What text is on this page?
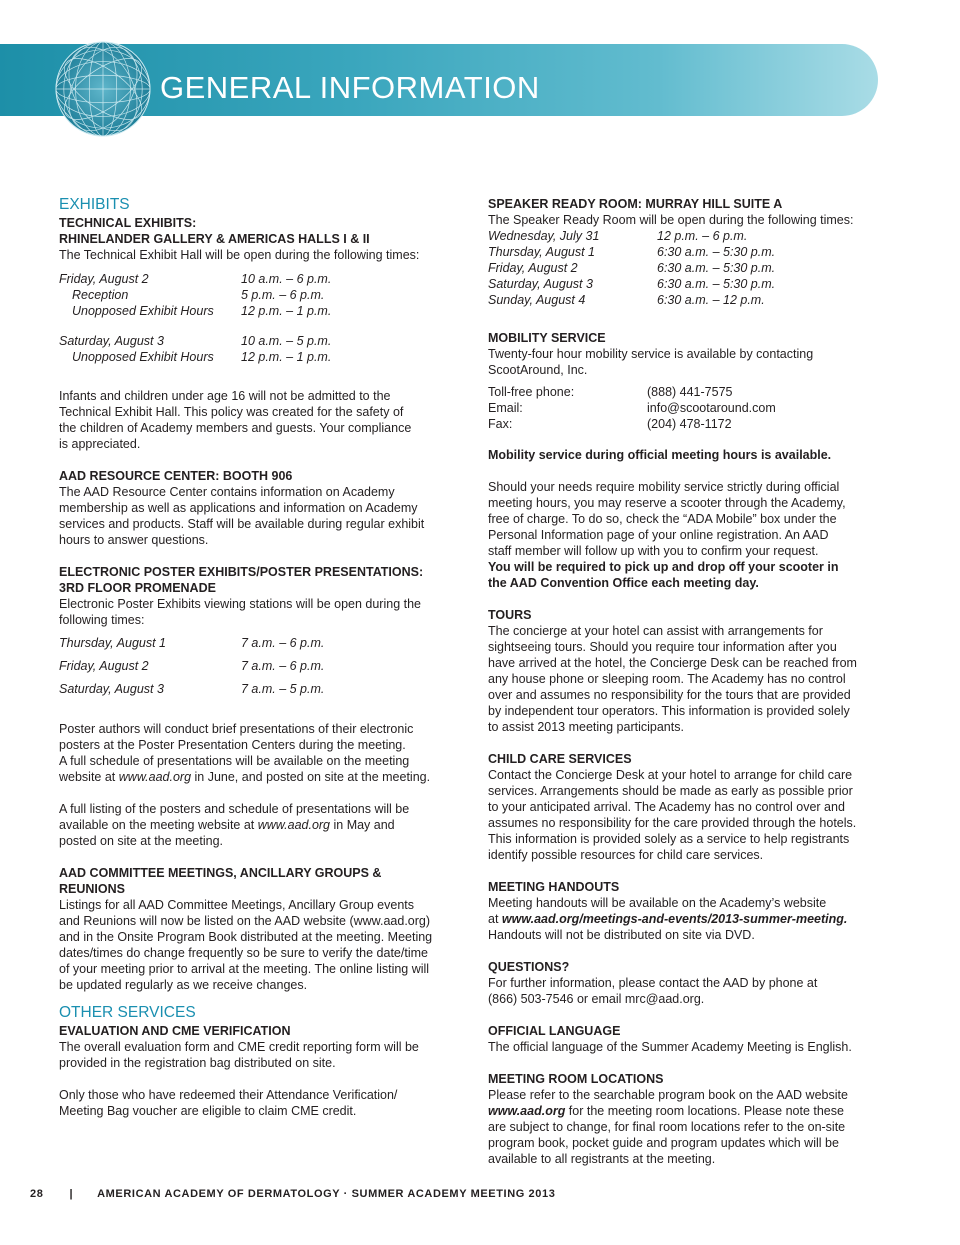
GENERAL INFORMATION
EXHIBITS
TECHNICAL EXHIBITS:
RHINELANDER GALLERY & AMERICAS HALLS I & II
The Technical Exhibit Hall will be open during the following times:
Friday, August 2	10 a.m. – 6 p.m.
Reception	5 p.m. – 6 p.m.
Unopposed Exhibit Hours	12 p.m. – 1 p.m.
Saturday, August 3	10 a.m. – 5 p.m.
Unopposed Exhibit Hours	12 p.m. – 1 p.m.
Infants and children under age 16 will not be admitted to the
Technical Exhibit Hall. This policy was created for the safety of
the children of Academy members and guests. Your compliance
is appreciated.
AAD RESOURCE CENTER: BOOTH 906
The AAD Resource Center contains information on Academy
membership as well as applications and information on Academy
services and products. Staff will be available during regular exhibit
hours to answer questions.
ELECTRONIC POSTER EXHIBITS/POSTER PRESENTATIONS:
3RD FLOOR PROMENADE
Electronic Poster Exhibits viewing stations will be open during the
following times:
Thursday, August 1	7 a.m. – 6 p.m.
Friday, August 2	7 a.m. – 6 p.m.
Saturday, August 3	7 a.m. – 5 p.m.
Poster authors will conduct brief presentations of their electronic
posters at the Poster Presentation Centers during the meeting.
A full schedule of presentations will be available on the meeting
website at www.aad.org in June, and posted on site at the meeting.
A full listing of the posters and schedule of presentations will be
available on the meeting website at www.aad.org in May and
posted on site at the meeting.
AAD COMMITTEE MEETINGS, ANCILLARY GROUPS &
REUNIONS
Listings for all AAD Committee Meetings, Ancillary Group events
and Reunions will now be listed on the AAD website (www.aad.org)
and in the Onsite Program Book distributed at the meeting. Meeting
dates/times do change frequently so be sure to verify the date/time
of your meeting prior to arrival at the meeting. The online listing will
be updated regularly as we receive changes.
OTHER SERVICES
EVALUATION AND CME VERIFICATION
The overall evaluation form and CME credit reporting form will be
provided in the registration bag distributed on site.
Only those who have redeemed their Attendance Verification/
Meeting Bag voucher are eligible to claim CME credit.
SPEAKER READY ROOM: MURRAY HILL SUITE A
The Speaker Ready Room will be open during the following times:
Wednesday, July 31	12 p.m. – 6 p.m.
Thursday, August 1	6:30 a.m. – 5:30 p.m.
Friday, August 2	6:30 a.m. – 5:30 p.m.
Saturday, August 3	6:30 a.m. – 5:30 p.m.
Sunday, August 4	6:30 a.m. – 12 p.m.
MOBILITY SERVICE
Twenty-four hour mobility service is available by contacting
ScootAround, Inc.
Toll-free phone:	(888) 441-7575
Email:	info@scootaround.com
Fax:	(204) 478-1172
Mobility service during official meeting hours is available.
Should your needs require mobility service strictly during official
meeting hours, you may reserve a scooter through the Academy,
free of charge. To do so, check the “ADA Mobile” box under the
Personal Information page of your online registration. An AAD
staff member will follow up with you to confirm your request.
You will be required to pick up and drop off your scooter in
the AAD Convention Office each meeting day.
TOURS
The concierge at your hotel can assist with arrangements for
sightseeing tours. Should you require tour information after you
have arrived at the hotel, the Concierge Desk can be reached from
any house phone or sleeping room. The Academy has no control
over and assumes no responsibility for the tours that are provided
by independent tour operators. This information is provided solely
to assist 2013 meeting participants.
CHILD CARE SERVICES
Contact the Concierge Desk at your hotel to arrange for child care
services. Arrangements should be made as early as possible prior
to your anticipated arrival. The Academy has no control over and
assumes no responsibility for the care provided through the hotels.
This information is provided solely as a service to help registrants
identify possible resources for child care services.
MEETING HANDOUTS
Meeting handouts will be available on the Academy’s website
at www.aad.org/meetings-and-events/2013-summer-meeting.
Handouts will not be distributed on site via DVD.
QUESTIONS?
For further information, please contact the AAD by phone at
(866) 503-7546 or email mrc@aad.org.
OFFICIAL LANGUAGE
The official language of the Summer Academy Meeting is English.
MEETING ROOM LOCATIONS
Please refer to the searchable program book on the AAD website
www.aad.org for the meeting room locations. Please note these
are subject to change, for final room locations refer to the on-site
program book, pocket guide and program updates which will be
available to all registrants at the meeting.
28 | AMERICAN ACADEMY OF DERMATOLOGY · SUMMER ACADEMY MEETING 2013
